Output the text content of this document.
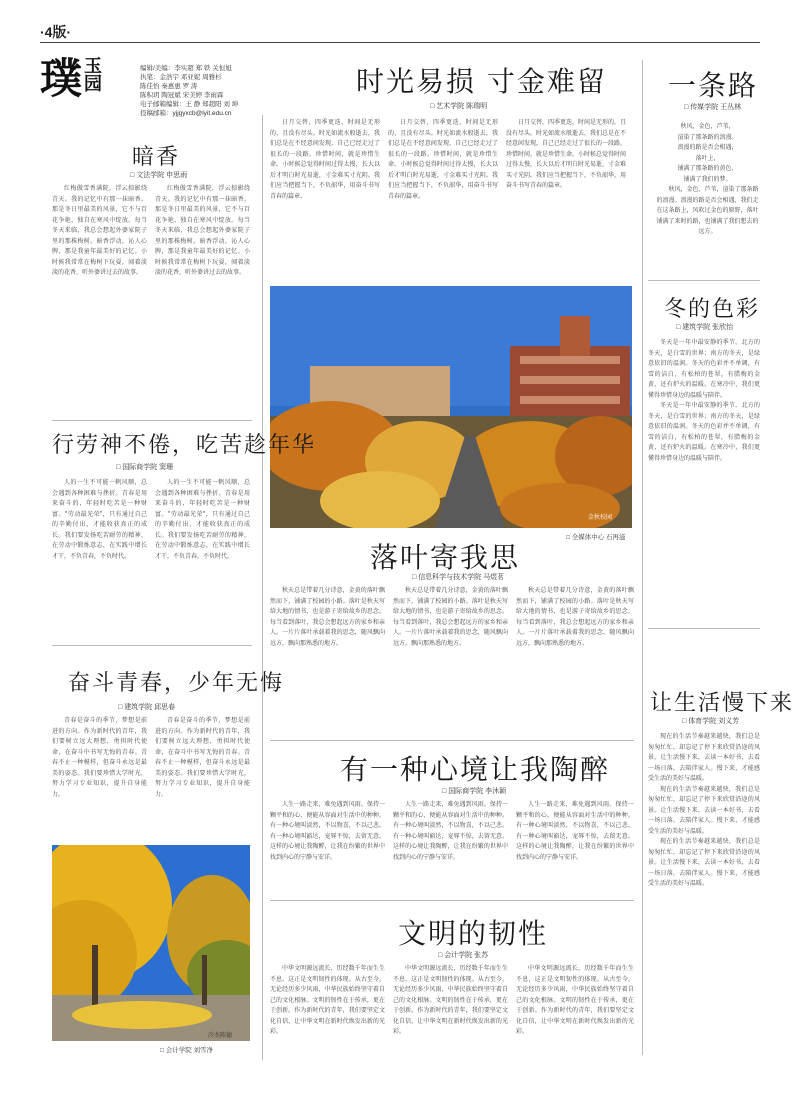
·4版·
璞 玉园
编辑/美编：李实超 郑 铁 关恒旭
执笔：金浩宇 邓亚妮 周雅杉
陈佳怡 秦惠惠 罗 涛
陈积玥 陶冠斌 宋美婷 李雨霖
电子邮箱编辑：王 静 郑超阳 刘 坤
投稿邮箱：yjjgyxcb@lyit.edu.cn
时光易损 寸金难留
□ 艺术学院 陈瑞明

日月交替，四季更迭，时间是无形的，且没有尽头。时光如流水般逝去，我们总是在不经意间发现，自己已经走过了很长的一段路。珍惜时间，就是珍惜生命。小时候总觉得时间过得太慢，长大以后才明白时光易逝，寸金难买寸光阴。我们应当把握当下，不负韶华，用奋斗书写青春的篇章。

日月交替，四季更迭，时间是无形的，且没有尽头。时光如流水般逝去，我们总是在不经意间发现，自己已经走过了很长的一段路。珍惜时间，就是珍惜生命。小时候总觉得时间过得太慢，长大以后才明白时光易逝，寸金难买寸光阴。我们应当把握当下，不负韶华，用奋斗书写青春的篇章。

日月交替，四季更迭，时间是无形的，且没有尽头。时光如流水般逝去，我们总是在不经意间发现，自己已经走过了很长的一段路。珍惜时间，就是珍惜生命。小时候总觉得时间过得太慢，长大以后才明白时光易逝，寸金难买寸光阴。我们应当把握当下，不负韶华，用奋斗书写青春的篇章。

一条路
□ 传媒学院 王丛林
秋风，金色，芦苇，
渲染了那条路的浪漫。
浪漫的路是否会相遇，
落叶上，
铺满了那条路的黄色，
铺满了我们的梦。

秋风，金色，芦苇，渲染了那条路的浪漫。浪漫的路是否会相遇，我们走在这条路上，风吹过金色的原野，落叶铺满了来时的路，也铺满了我们想去的远方。

暗香
□ 文法学院 申思雨

红梅傲雪香满院，浮云掠影绕青天。我的记忆中有那一抹暗香。那是冬日里最美的风景，它不与百花争艳，独自在寒风中绽放。每当冬天来临，我总会想起外婆家院子里的那株梅树。暗香浮动，沁人心脾，那是我童年最美好的记忆。小时候我常常在梅树下玩耍，闻着淡淡的花香，听外婆讲过去的故事。

红梅傲雪香满院，浮云掠影绕青天。我的记忆中有那一抹暗香。那是冬日里最美的风景，它不与百花争艳，独自在寒风中绽放。每当冬天来临，我总会想起外婆家院子里的那株梅树。暗香浮动，沁人心脾，那是我童年最美好的记忆。小时候我常常在梅树下玩耍，闻着淡淡的花香，听外婆讲过去的故事。

金秋校园
□ 全媒体中心 石再滋
冬的色彩
□ 建筑学院 张欣怡

冬天是一年中最安静的季节。北方的冬天，是白雪的世界；南方的冬天，是绿意依旧的温润。冬天的色彩并不单调，有雪的洁白，有松柏的苍翠，有腊梅的金黄，还有炉火的温暖。在寒冷中，我们更懂得珍惜身边的温暖与陪伴。

冬天是一年中最安静的季节。北方的冬天，是白雪的世界；南方的冬天，是绿意依旧的温润。冬天的色彩并不单调，有雪的洁白，有松柏的苍翠，有腊梅的金黄，还有炉火的温暖。在寒冷中，我们更懂得珍惜身边的温暖与陪伴。

行劳神不倦，吃苦趁年华
□ 国际商学院 窦珊

人的一生不可能一帆风顺，总会遇到各种困难与挫折。青春是用来奋斗的，年轻时吃苦是一种财富。"劳动最光荣"，只有通过自己的辛勤付出，才能收获真正的成长。我们要发扬吃苦耐劳的精神，在劳动中锻炼意志，在实践中增长才干，不负青春，不负时代。

人的一生不可能一帆风顺，总会遇到各种困难与挫折。青春是用来奋斗的，年轻时吃苦是一种财富。"劳动最光荣"，只有通过自己的辛勤付出，才能收获真正的成长。我们要发扬吃苦耐劳的精神，在劳动中锻炼意志，在实践中增长才干，不负青春，不负时代。	落叶寄我思
□ 信息科学与技术学院 马煜茗

秋天总是带着几分诗意，金黄的落叶飘然而下，铺满了校园的小路。落叶是秋天写给大地的情书，也是游子寄给故乡的思念。每当看到落叶，我总会想起远方的家乡和亲人。一片片落叶承载着我的思念，随风飘向远方，飘向那熟悉的地方。

秋天总是带着几分诗意，金黄的落叶飘然而下，铺满了校园的小路。落叶是秋天写给大地的情书，也是游子寄给故乡的思念。每当看到落叶，我总会想起远方的家乡和亲人。一片片落叶承载着我的思念，随风飘向远方，飘向那熟悉的地方。

秋天总是带着几分诗意，金黄的落叶飘然而下，铺满了校园的小路。落叶是秋天写给大地的情书，也是游子寄给故乡的思念。每当看到落叶，我总会想起远方的家乡和亲人。一片片落叶承载着我的思念，随风飘向远方，飘向那熟悉的地方。

奋斗青春，少年无悔
□ 建筑学院 邱思春

青春是奋斗的季节，梦想是前进的方向。作为新时代的青年，我们要树立远大理想，勇担时代使命，在奋斗中书写无悔的青春。青春不止一种模样，但奋斗永远是最美的姿态。我们要珍惜大学时光，努力学习专业知识，提升自身能力。

青春是奋斗的季节，梦想是前进的方向。作为新时代的青年，我们要树立远大理想，勇担时代使命，在奋斗中书写无悔的青春。青春不止一种模样，但奋斗永远是最美的姿态。我们要珍惜大学时光，努力学习专业知识，提升自身能力。

冷杰陈德
□ 会计学院 刘雪净
有一种心境让我陶醉
□ 国际商学院 李沐颖

人生一路走来，难免遇到风雨。保持一颗平和的心，便能从容面对生活中的种种。有一种心境叫淡然，不以物喜，不以己悲。有一种心境叫豁达，宠辱不惊，去留无意。这样的心境让我陶醉，让我在纷繁的世界中找到内心的宁静与安详。

人生一路走来，难免遇到风雨。保持一颗平和的心，便能从容面对生活中的种种。有一种心境叫淡然，不以物喜，不以己悲。有一种心境叫豁达，宠辱不惊，去留无意。这样的心境让我陶醉，让我在纷繁的世界中找到内心的宁静与安详。

人生一路走来，难免遇到风雨。保持一颗平和的心，便能从容面对生活中的种种。有一种心境叫淡然，不以物喜，不以己悲。有一种心境叫豁达，宠辱不惊，去留无意。这样的心境让我陶醉，让我在纷繁的世界中找到内心的宁静与安详。

让生活慢下来
□ 体育学院 刘义芳

现在的生活节奏越来越快，我们总是匆匆忙忙，却忘记了停下来欣赏沿途的风景。让生活慢下来，去读一本好书，去看一场日落，去陪伴家人。慢下来，才能感受生活的美好与温暖。

现在的生活节奏越来越快，我们总是匆匆忙忙，却忘记了停下来欣赏沿途的风景。让生活慢下来，去读一本好书，去看一场日落，去陪伴家人。慢下来，才能感受生活的美好与温暖。

现在的生活节奏越来越快，我们总是匆匆忙忙，却忘记了停下来欣赏沿途的风景。让生活慢下来，去读一本好书，去看一场日落，去陪伴家人。慢下来，才能感受生活的美好与温暖。

文明的韧性
□ 会计学院 张苏

中华文明源远流长，历经数千年而生生不息，这正是文明韧性的体现。从古至今，无论经历多少风雨，中华民族始终坚守着自己的文化根脉。文明的韧性在于传承，更在于创新。作为新时代的青年，我们要坚定文化自信，让中华文明在新时代焕发出新的光彩。

中华文明源远流长，历经数千年而生生不息，这正是文明韧性的体现。从古至今，无论经历多少风雨，中华民族始终坚守着自己的文化根脉。文明的韧性在于传承，更在于创新。作为新时代的青年，我们要坚定文化自信，让中华文明在新时代焕发出新的光彩。

中华文明源远流长，历经数千年而生生不息，这正是文明韧性的体现。从古至今，无论经历多少风雨，中华民族始终坚守着自己的文化根脉。文明的韧性在于传承，更在于创新。作为新时代的青年，我们要坚定文化自信，让中华文明在新时代焕发出新的光彩。
